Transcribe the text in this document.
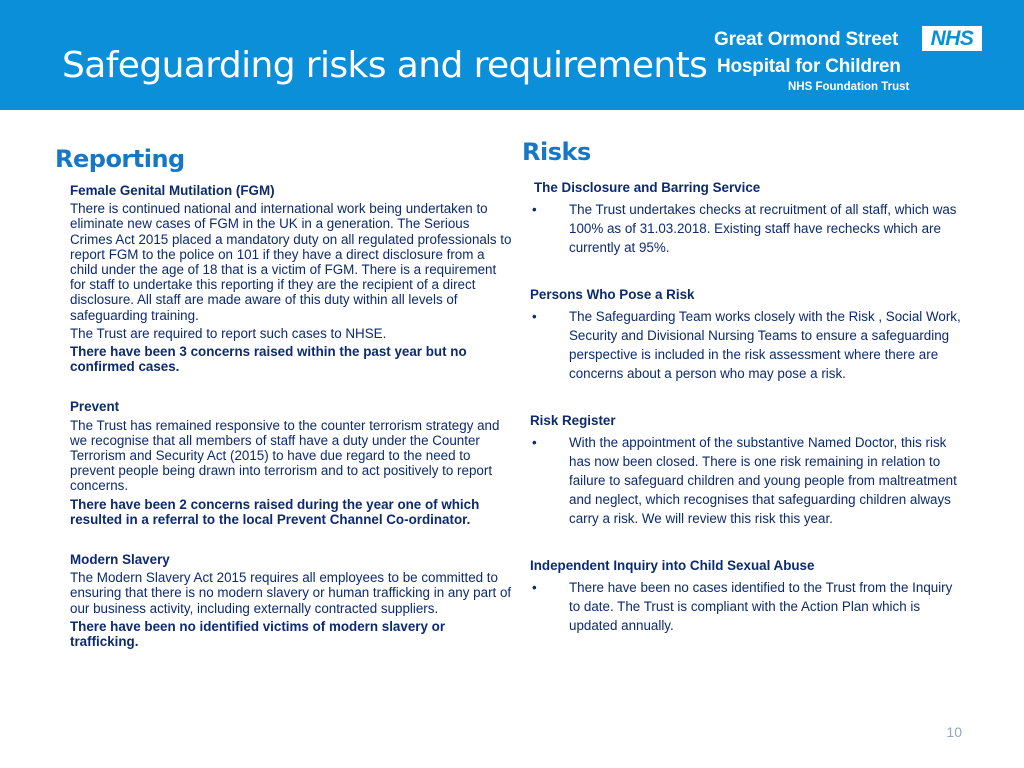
Safeguarding risks and requirements
Great Ormond Street	NHS
Hospital for Children
NHS Foundation Trust
Reporting
Female Genital Mutilation (FGM)

There is continued national and international work being undertaken to eliminate new cases of FGM in the UK in a generation. The Serious Crimes Act 2015 placed a mandatory duty on all regulated professionals to report FGM to the police on 101 if they have a direct disclosure from a child under the age of 18 that is a victim of FGM. There is a requirement for staff to undertake this reporting if they are the recipient of a direct disclosure. All staff are made aware of this duty within all levels of safeguarding training.

The Trust are required to report such cases to NHSE.

There have been 3 concerns raised within the past year but no confirmed cases.

Prevent

The Trust has remained responsive to the counter terrorism strategy and we recognise that all members of staff have a duty under the Counter Terrorism and Security Act (2015) to have due regard to the need to prevent people being drawn into terrorism and to act positively to report concerns.

There have been 2 concerns raised during the year one of which resulted in a referral to the local Prevent Channel Co-ordinator.

Modern Slavery

The Modern Slavery Act 2015 requires all employees to be committed to ensuring that there is no modern slavery or human trafficking in any part of our business activity, including externally contracted suppliers.

There have been no identified victims of modern slavery or trafficking.

Risks
The Disclosure and Barring Service
•	The Trust undertakes checks at recruitment of all staff, which was 100% as of 31.03.2018. Existing staff have rechecks which are currently at 95%.
Persons Who Pose a Risk
•	The Safeguarding Team works closely with the Risk , Social Work, Security and Divisional Nursing Teams to ensure a safeguarding perspective is included in the risk assessment where there are concerns about a person who may pose a risk.
Risk Register
•	With the appointment of the substantive Named Doctor, this risk has now been closed. There is one risk remaining in relation to failure to safeguard children and young people from maltreatment and neglect, which recognises that safeguarding children always carry a risk. We will review this risk this year.
Independent Inquiry into Child Sexual Abuse
•	There have been no cases identified to the Trust from the Inquiry to date. The Trust is compliant with the Action Plan which is updated annually.
10
